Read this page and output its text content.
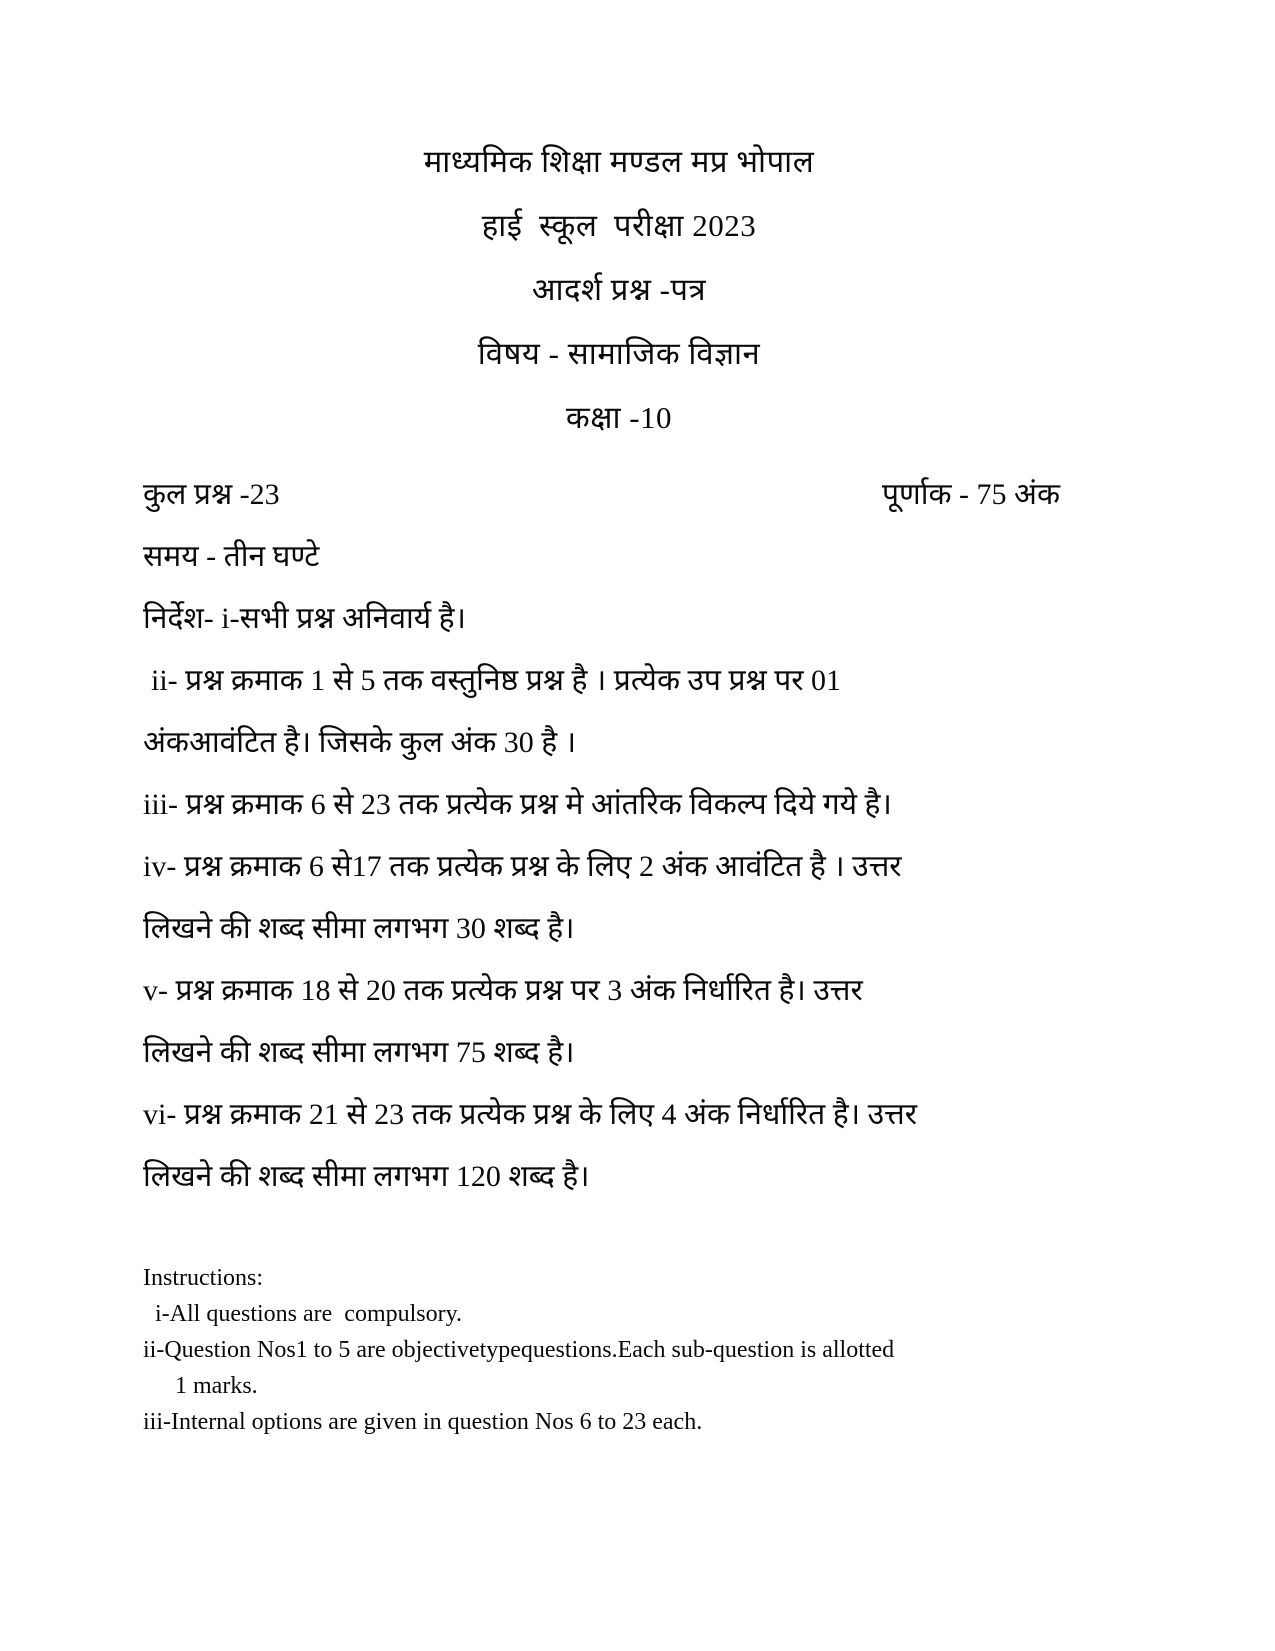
माध्यमिक शिक्षा मण्डल मप्र भोपाल
हाई  स्कूल  परीक्षा 2023
आदर्श प्रश्न -पत्र
विषय - सामाजिक विज्ञान
कक्षा -10
कुल प्रश्न -23	पूर्णाक - 75 अंक
समय - तीन घण्टे
निर्देश- i-सभी प्रश्न अनिवार्य है।
ii- प्रश्न क्रमाक 1 से 5 तक वस्तुनिष्ठ प्रश्न है । प्रत्येक उप प्रश्न पर 01
अंकआवंटित है। जिसके कुल अंक 30 है ।
iii- प्रश्न क्रमाक 6 से 23 तक प्रत्येक प्रश्न मे आंतरिक विकल्प दिये गये है।
iv- प्रश्न क्रमाक 6 से17 तक प्रत्येक प्रश्न के लिए 2 अंक आवंटित है । उत्तर
लिखने की शब्द सीमा लगभग 30 शब्द है।
v- प्रश्न क्रमाक 18 से 20 तक प्रत्येक प्रश्न पर 3 अंक निर्धारित है। उत्तर
लिखने की शब्द सीमा लगभग 75 शब्द है।
vi- प्रश्न क्रमाक 21 से 23 तक प्रत्येक प्रश्न के लिए 4 अंक निर्धारित है। उत्तर
लिखने की शब्द सीमा लगभग 120 शब्द है।
Instructions:
i-All questions are  compulsory.
ii-Question Nos1 to 5 are objectivetypequestions.Each sub-question is allotted
1 marks.
iii-Internal options are given in question Nos 6 to 23 each.
